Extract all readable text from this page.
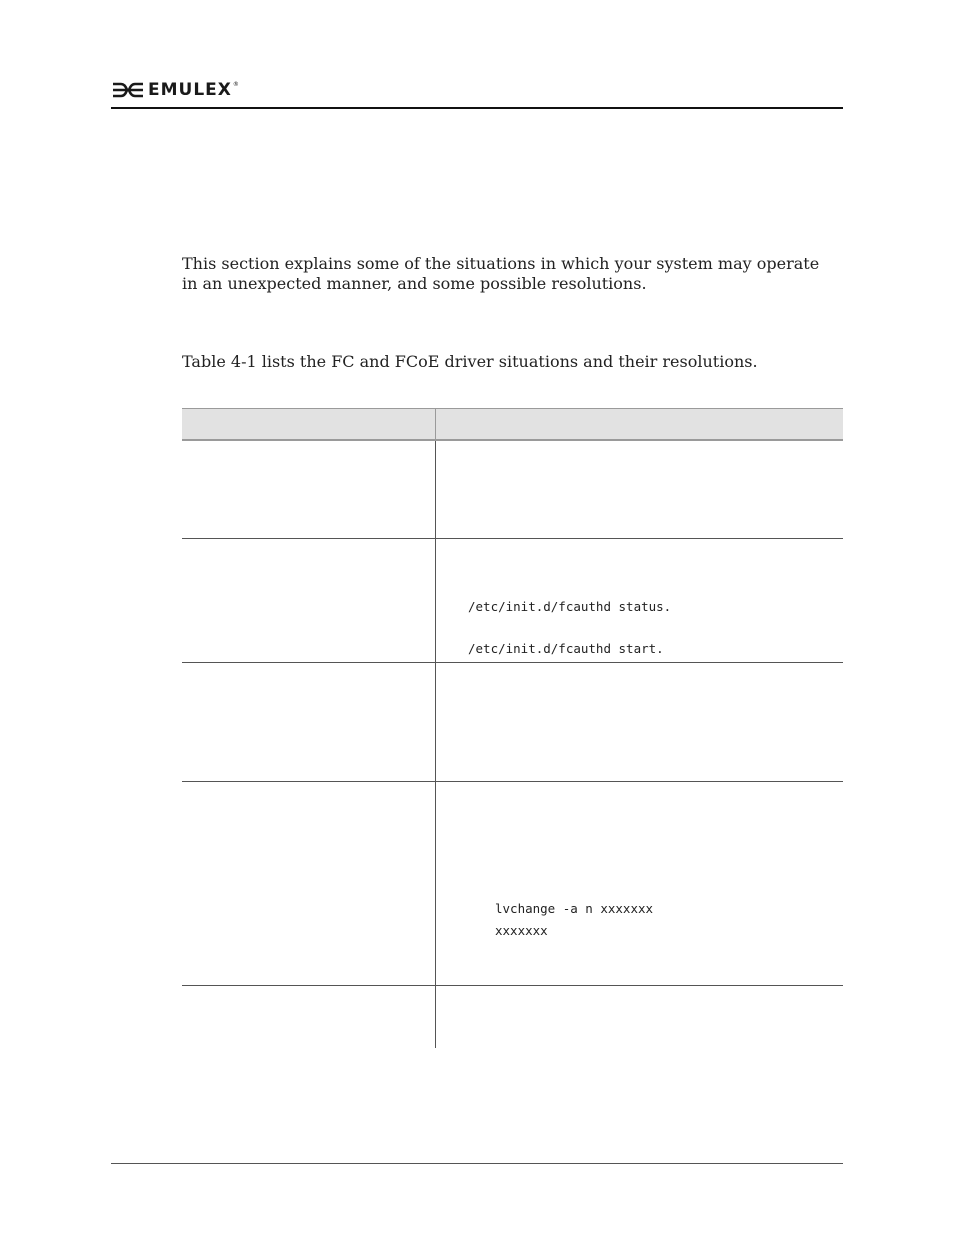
EMULEX ®

This section explains some of the situations in which your system may operate in an unexpected manner, and some possible resolutions.

Table 4-1 lists the FC and FCoE driver situations and their resolutions.

/etc/init.d/fcauthd status.
/etc/init.d/fcauthd start.
lvchange -a n xxxxxxx
xxxxxxx
